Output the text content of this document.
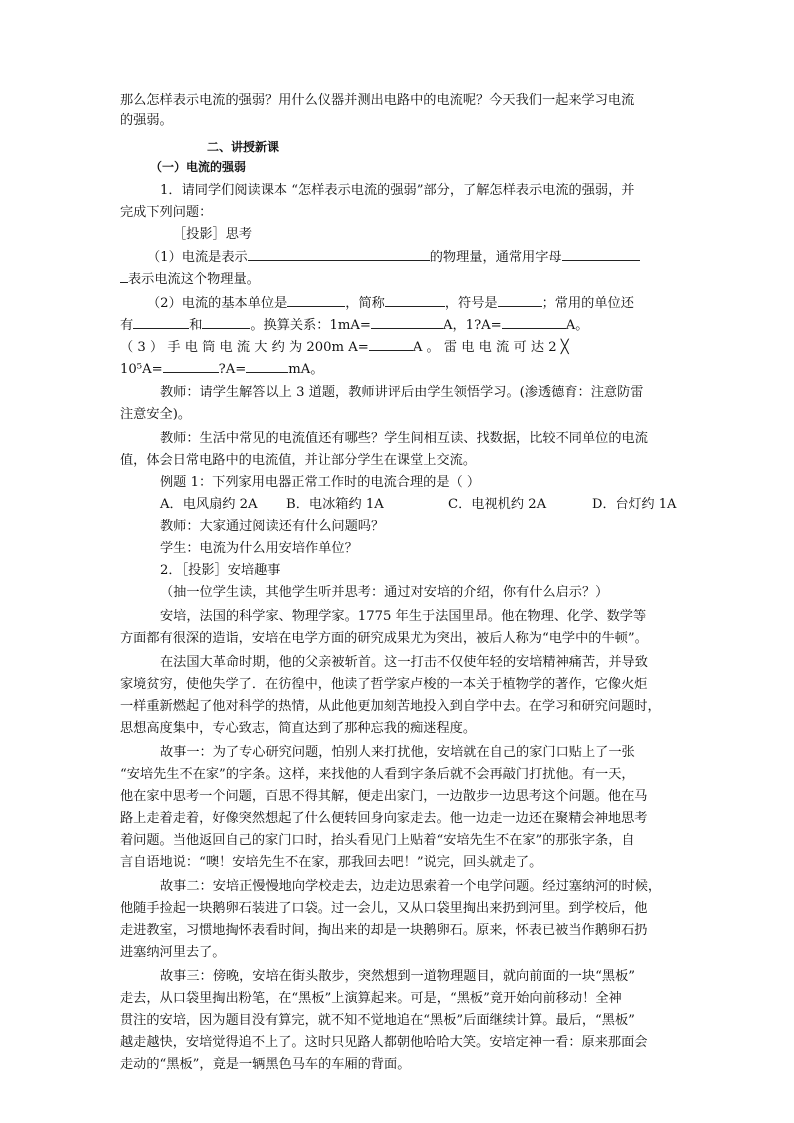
那么怎样表示电流的强弱？用什么仪器并测出电路中的电流呢？今天我们一起来学习电流
的强弱。
二、讲授新课
（一）电流的强弱
1．请同学们阅读课本 “怎样表示电流的强弱”部分，了解怎样表示电流的强弱，并
完成下列问题：
［投影］思考
（1）电流是表示	的物理量，通常用字母
表示电流这个物理量。
（2）电流的基本单位是	，简称	，符号是	；常用的单位还
有	和	。换算关系：1mA=	A，1?A=	A。
（ 3 ） 手 电 筒 电 流 大 约 为 200m A=	A 。 雷 电 电 流 可 达 2 ╳
10⁵A=	?A=	mA。
教师：请学生解答以上 3 道题，教师讲评后由学生领悟学习。(渗透德育：注意防雷
注意安全)。
教师：生活中常见的电流值还有哪些？学生间相互读、找数据，比较不同单位的电流
值，体会日常电路中的电流值，并让部分学生在课堂上交流。
例题 1：下列家用电器正常工作时的电流合理的是（ ）
A．电风扇约 2A B．电冰箱约 1A	C．电视机约 2A	D．台灯约 1A
教师：大家通过阅读还有什么问题吗？
学生：电流为什么用安培作单位？
2．［投影］安培趣事
（抽一位学生读，其他学生听并思考：通过对安培的介绍，你有什么启示？）
安培，法国的科学家、物理学家。1775 年生于法国里昂。他在物理、化学、数学等
方面都有很深的造诣，安培在电学方面的研究成果尤为突出，被后人称为“电学中的牛顿”。
在法国大革命时期，他的父亲被斩首。这一打击不仅使年轻的安培精神痛苦，并导致
家境贫穷，使他失学了．在彷徨中，他读了哲学家卢梭的一本关于植物学的著作，它像火炬
一样重新燃起了他对科学的热情，从此他更加刻苦地投入到自学中去。在学习和研究问题时，
思想高度集中，专心致志，简直达到了那种忘我的痴迷程度。
故事一：为了专心研究问题，怕别人来打扰他，安培就在自己的家门口贴上了一张
“安培先生不在家”的字条。这样，来找他的人看到字条后就不会再敲门打扰他。有一天，
他在家中思考一个问题，百思不得其解，便走出家门，一边散步一边思考这个问题。他在马
路上走着走着，好像突然想起了什么便转回身向家走去。他一边走一边还在聚精会神地思考
着问题。当他返回自己的家门口时，抬头看见门上贴着“安培先生不在家”的那张字条，自
言自语地说：“噢！安培先生不在家，那我回去吧！”说完，回头就走了。
故事二：安培正慢慢地向学校走去，边走边思索着一个电学问题。经过塞纳河的时候，
他随手捡起一块鹅卵石装进了口袋。过一会儿，又从口袋里掏出来扔到河里。到学校后，他
走进教室，习惯地掏怀表看时间，掏出来的却是一块鹅卵石。原来，怀表已被当作鹅卵石扔
进塞纳河里去了。
故事三：傍晚，安培在街头散步，突然想到一道物理题目，就向前面的一块“黑板”
走去，从口袋里掏出粉笔，在“黑板”上演算起来。可是，“黑板”竟开始向前移动！全神
贯注的安培，因为题目没有算完，就不知不觉地追在“黑板”后面继续计算。最后，“黑板”
越走越快，安培觉得追不上了。这时只见路人都朝他哈哈大笑。安培定神一看：原来那面会
走动的“黑板”，竟是一辆黑色马车的车厢的背面。
